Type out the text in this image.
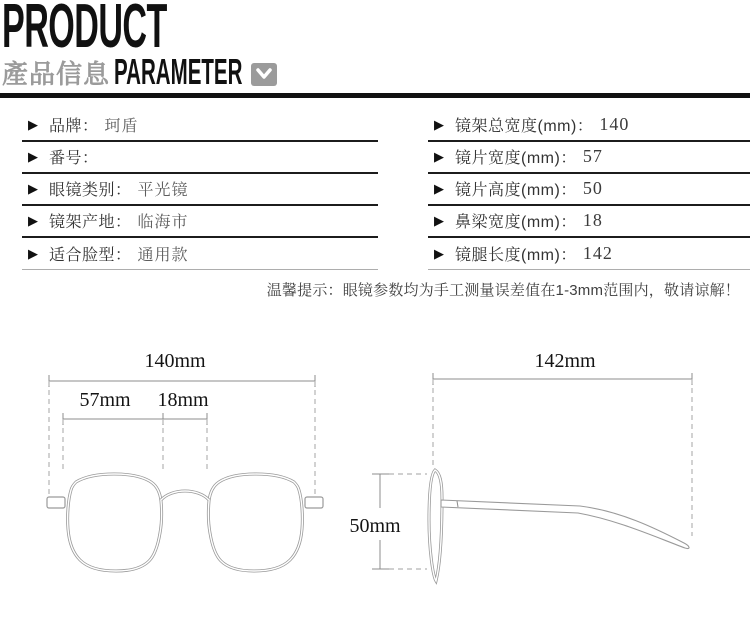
PRODUCT
產品信息 PARAMETER
▶ 品牌： 珂盾
▶ 番号：
▶ 眼镜类别： 平光镜
▶ 镜架产地： 临海市
▶ 适合脸型： 通用款
▶ 镜架总宽度(mm)： 140
▶ 镜片宽度(mm)： 57
▶ 镜片高度(mm)： 50
▶ 鼻梁宽度(mm)： 18
▶ 镜腿长度(mm)： 142
温馨提示：眼镜参数均为手工测量误差值在1-3mm范围内，敬请谅解！
140mm
57mm 18mm
142mm
50mm
